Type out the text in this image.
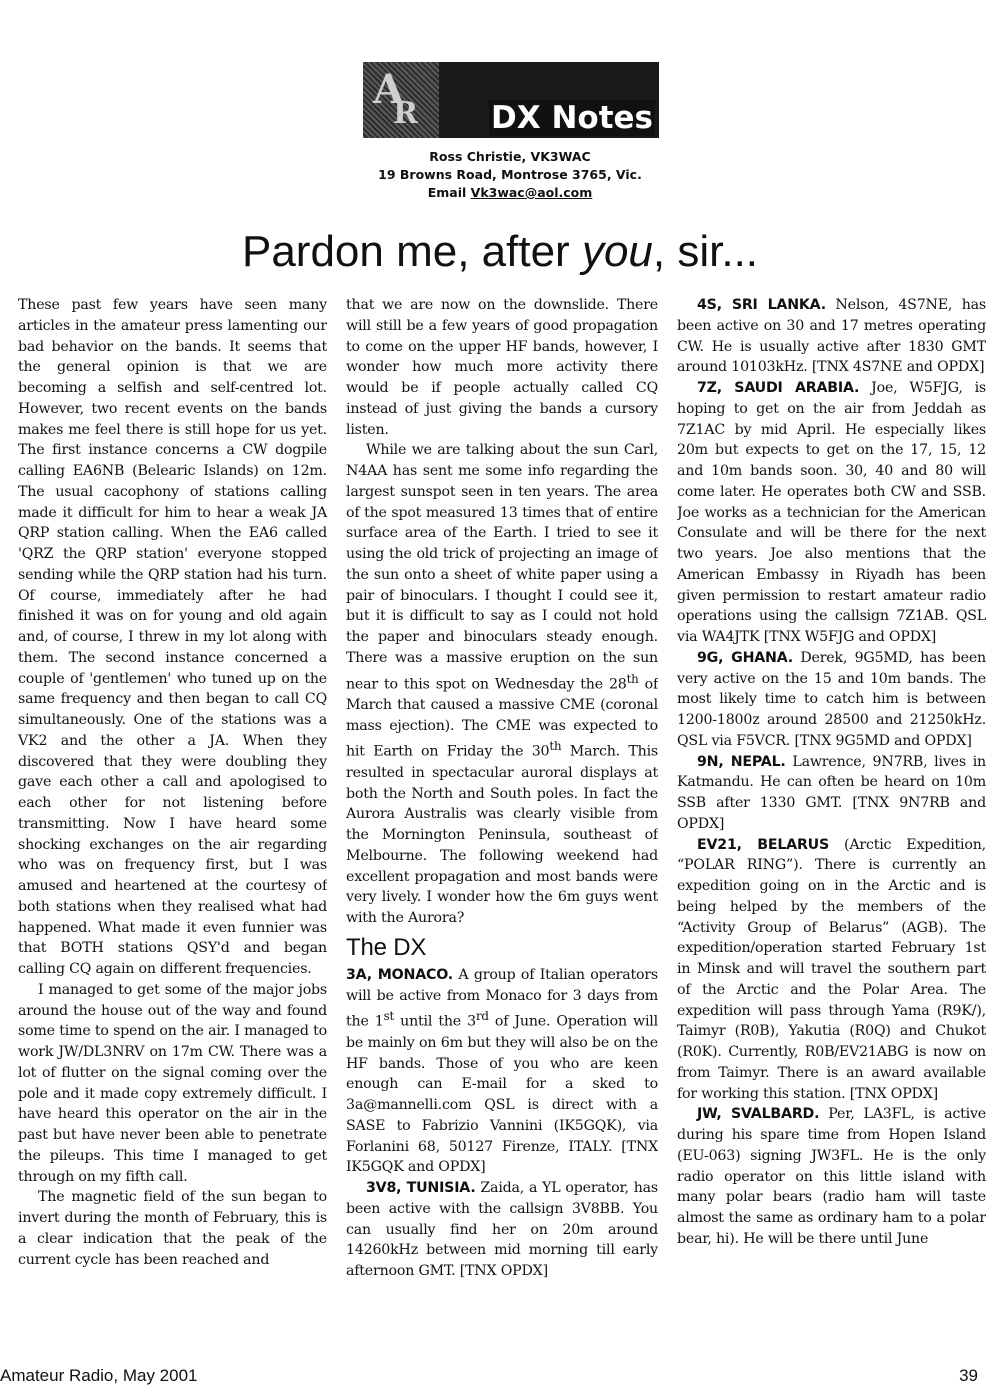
A
R DX Notes
Ross Christie, VK3WAC
19 Browns Road, Montrose 3765, Vic.
Email Vk3wac@aol.com
Pardon me, after you, sir...

These past few years have seen many articles in the amateur press lamenting our bad behavior on the bands. It seems that the general opinion is that we are becoming a selfish and self-centred lot. However, two recent events on the bands makes me feel there is still hope for us yet. The first instance concerns a CW dogpile calling EA6NB (Belearic Islands) on 12m. The usual cacophony of stations calling made it difficult for him to hear a weak JA QRP station calling. When the EA6 called 'QRZ the QRP station' everyone stopped sending while the QRP station had his turn. Of course, immediately after he had finished it was on for young and old again and, of course, I threw in my lot along with them. The second instance concerned a couple of 'gentlemen' who tuned up on the same frequency and then began to call CQ simultaneously. One of the stations was a VK2 and the other a JA. When they discovered that they were doubling they gave each other a call and apologised to each other for not listening before transmitting. Now I have heard some shocking exchanges on the air regarding who was on frequency first, but I was amused and heartened at the courtesy of both stations when they realised what had happened. What made it even funnier was that BOTH stations QSY'd and began calling CQ again on different frequencies.

I managed to get some of the major jobs around the house out of the way and found some time to spend on the air. I managed to work JW/DL3NRV on 17m CW. There was a lot of flutter on the signal coming over the pole and it made copy extremely difficult. I have heard this operator on the air in the past but have never been able to penetrate the pileups. This time I managed to get through on my fifth call.

The magnetic field of the sun began to invert during the month of February, this is a clear indication that the peak of the current cycle has been reached and

that we are now on the downslide. There will still be a few years of good propagation to come on the upper HF bands, however, I wonder how much more activity there would be if people actually called CQ instead of just giving the bands a cursory listen.

While we are talking about the sun Carl, N4AA has sent me some info regarding the largest sunspot seen in ten years. The area of the spot measured 13 times that of entire surface area of the Earth. I tried to see it using the old trick of projecting an image of the sun onto a sheet of white paper using a pair of binoculars. I thought I could see it, but it is difficult to say as I could not hold the paper and binoculars steady enough. There was a massive eruption on the sun near to this spot on Wednesday the 28th of March that caused a massive CME (coronal mass ejection). The CME was expected to hit Earth on Friday the 30th March. This resulted in spectacular auroral displays at both the North and South poles. In fact the Aurora Australis was clearly visible from the Mornington Peninsula, southeast of Melbourne. The following weekend had excellent propagation and most bands were very lively. I wonder how the 6m guys went with the Aurora?

The DX

3A, MONACO. A group of Italian operators will be active from Monaco for 3 days from the 1st until the 3rd of June. Operation will be mainly on 6m but they will also be on the HF bands. Those of you who are keen enough can E-mail for a sked to 3a@mannelli.com QSL is direct with a SASE to Fabrizio Vannini (IK5GQK), via Forlanini 68, 50127 Firenze, ITALY. [TNX IK5GQK and OPDX]

3V8, TUNISIA. Zaida, a YL operator, has been active with the callsign 3V8BB. You can usually find her on 20m around 14260kHz between mid morning till early afternoon GMT. [TNX OPDX]

4S, SRI LANKA. Nelson, 4S7NE, has been active on 30 and 17 metres operating CW. He is usually active after 1830 GMT around 10103kHz. [TNX 4S7NE and OPDX]

7Z, SAUDI ARABIA. Joe, W5FJG, is hoping to get on the air from Jeddah as 7Z1AC by mid April. He especially likes 20m but expects to get on the 17, 15, 12 and 10m bands soon. 30, 40 and 80 will come later. He operates both CW and SSB. Joe works as a technician for the American Consulate and will be there for the next two years. Joe also mentions that the American Embassy in Riyadh has been given permission to restart amateur radio operations using the callsign 7Z1AB. QSL via WA4JTK [TNX W5FJG and OPDX]

9G, GHANA. Derek, 9G5MD, has been very active on the 15 and 10m bands. The most likely time to catch him is between 1200-1800z around 28500 and 21250kHz. QSL via F5VCR. [TNX 9G5MD and OPDX]

9N, NEPAL. Lawrence, 9N7RB, lives in Katmandu. He can often be heard on 10m SSB after 1330 GMT. [TNX 9N7RB and OPDX]

EV21, BELARUS (Arctic Expedition, “POLAR RING”). There is currently an expedition going on in the Arctic and is being helped by the members of the “Activity Group of Belarus” (AGB). The expedition/operation started February 1st in Minsk and will travel the southern part of the Arctic and the Polar Area. The expedition will pass through Yama (R9K/), Taimyr (R0B), Yakutia (R0Q) and Chukot (R0K). Currently, R0B/EV21ABG is now on from Taimyr. There is an award available for working this station. [TNX OPDX]

JW, SVALBARD. Per, LA3FL, is active during his spare time from Hopen Island (EU-063) signing JW3FL. He is the only radio operator on this little island with many polar bears (radio ham will taste almost the same as ordinary ham to a polar bear, hi). He will be there until June

Amateur Radio, May 2001	39
